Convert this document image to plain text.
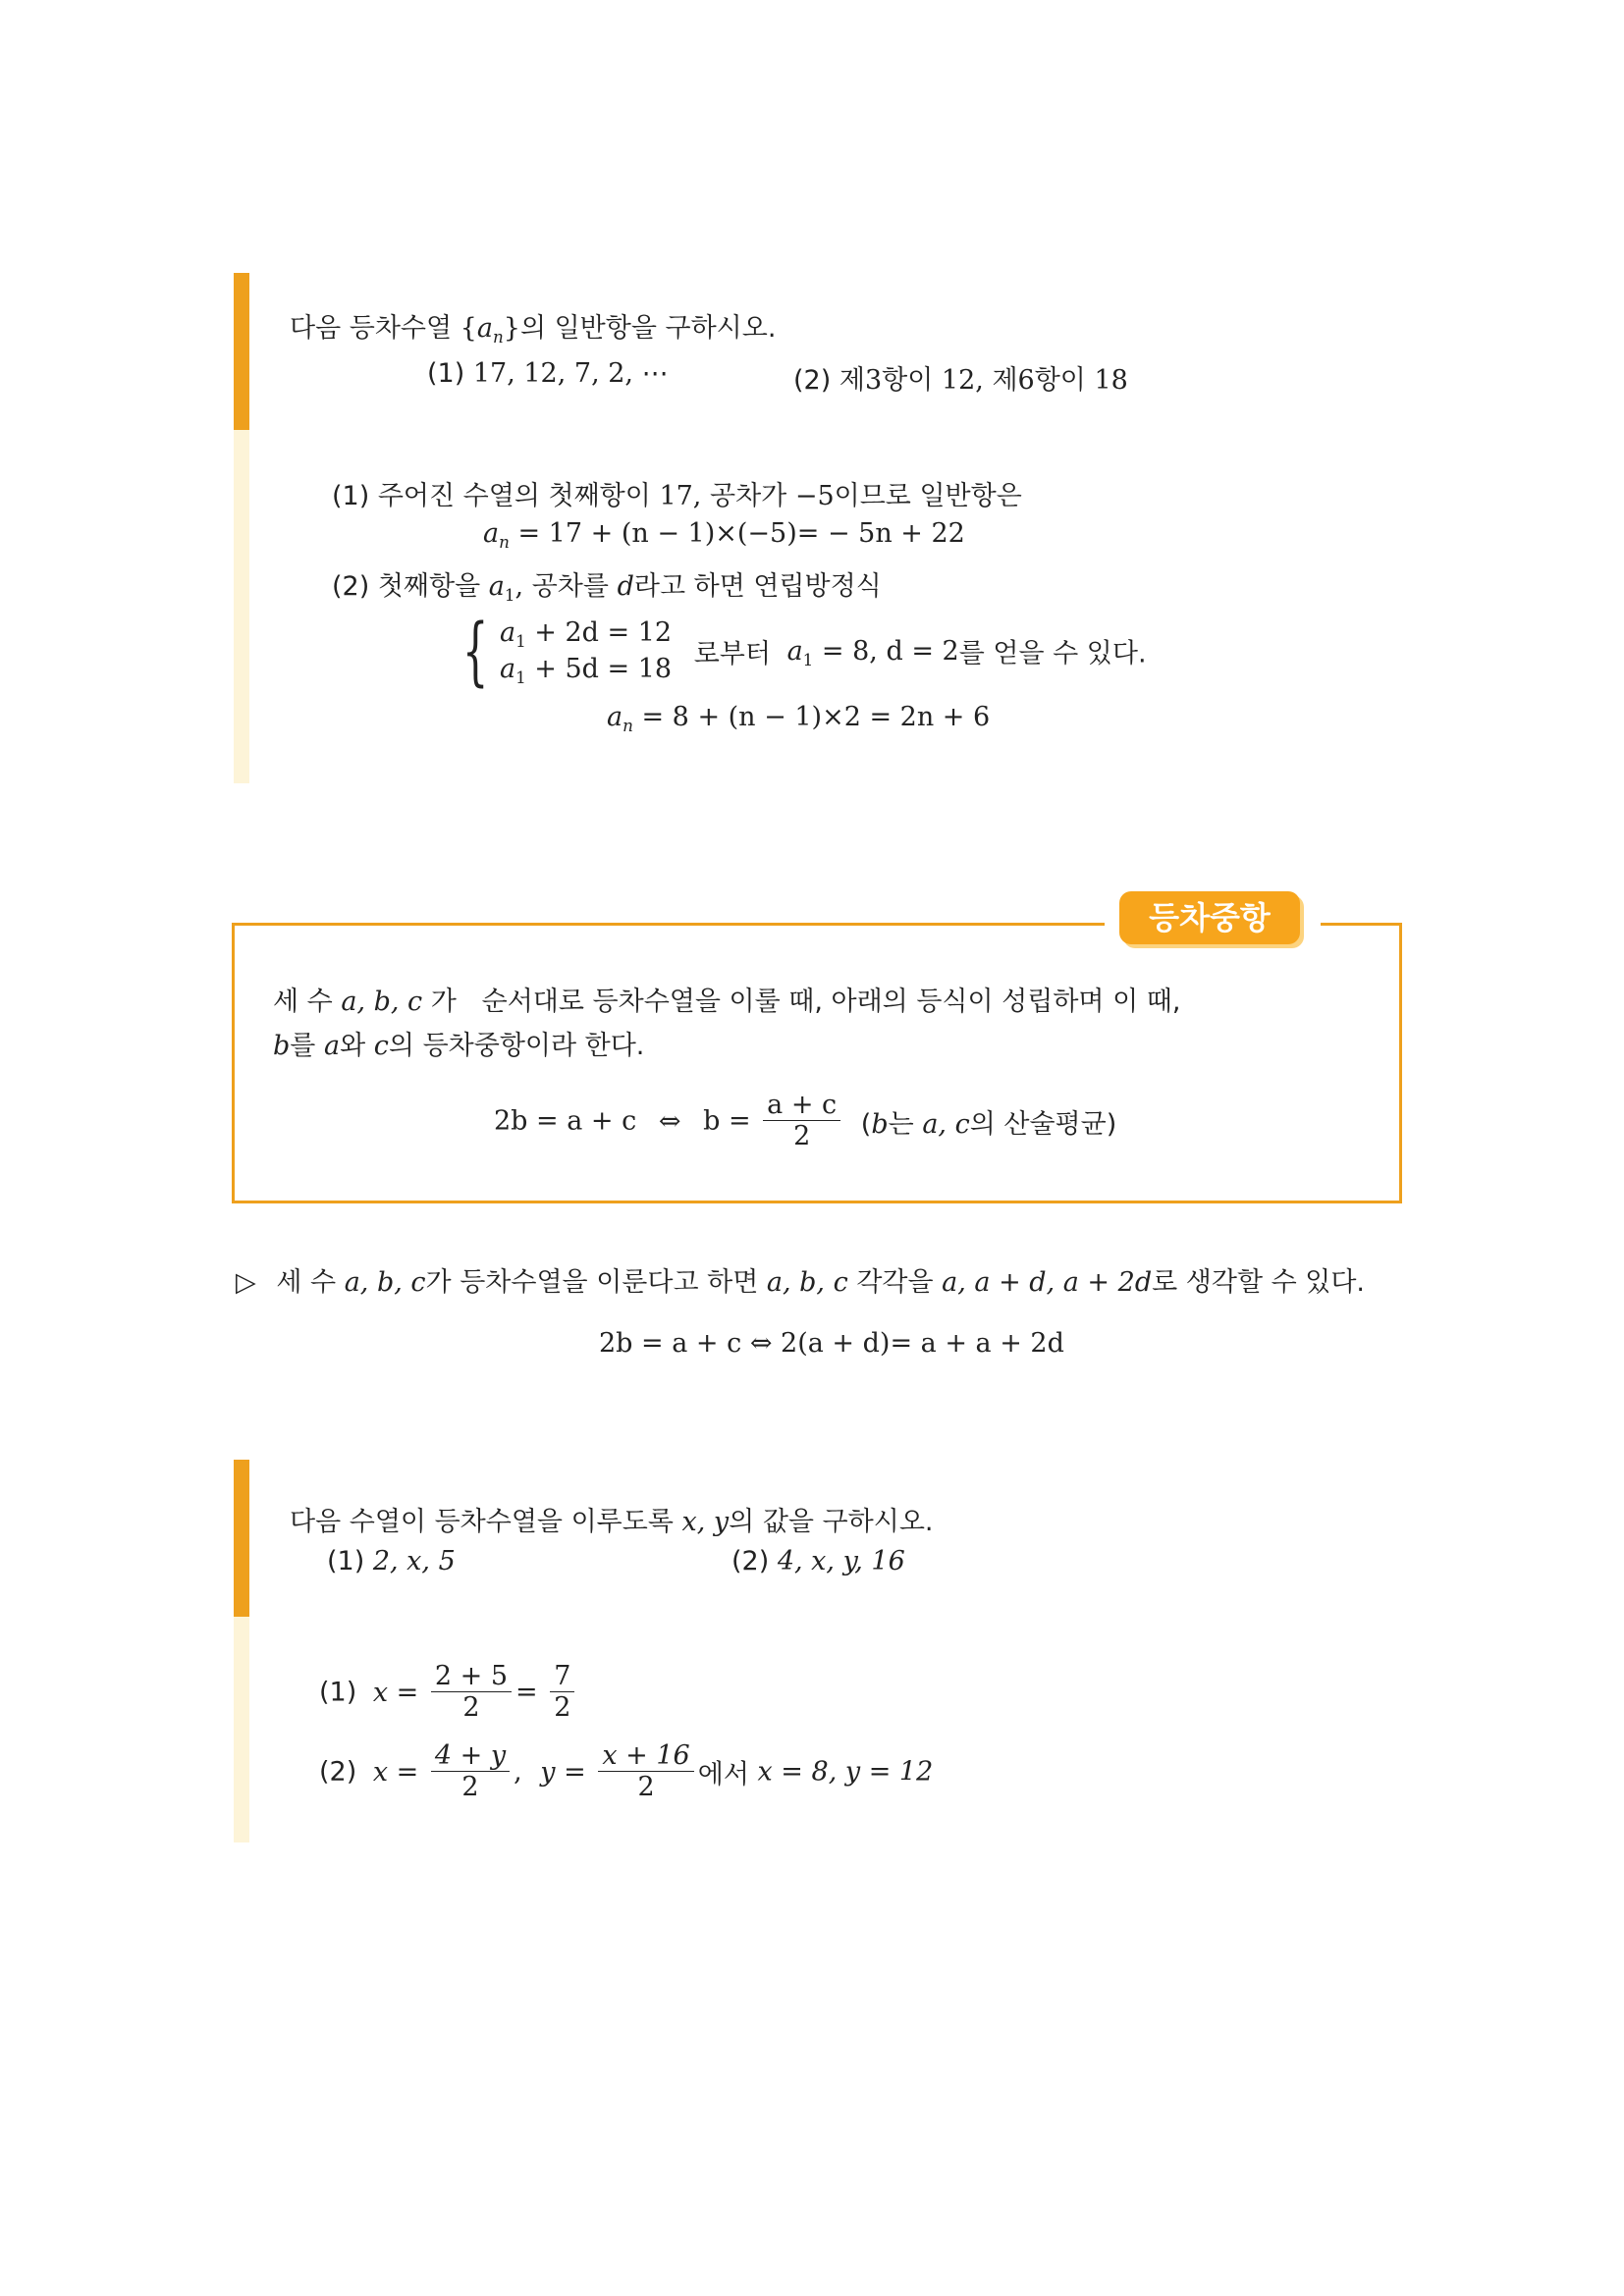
다음 등차수열 $\{a_n\}$의 일반항을 구하시오.
(1) 17, 12, 7, 2, ⋯	(2) 제3항이 12, 제6항이 18
(1) 주어진 수열의 첫째항이 17, 공차가 −5이므로 일반항은
$a_n = 17 + (n - 1)\times(-5)= - 5n + 22$
(2) 첫째항을 $a_1$, 공차를 d라고 하면 연립방정식
{ $a_1 + 2d = 12$
$a_1 + 5d = 18$ 로부터 $a_1 = 8$, d = 2를 얻을 수 있다.
$a_n = 8 + (n - 1)\times 2 = 2n + 6$
등차중항
세 수 a, b, c 가 순서대로 등차수열을 이룰 때, 아래의 등식이 성립하며 이 때,
b를 a와 c의 등차중항이라 한다.
2b = a + c ⇔ $b = \frac{a + c}{2} (b$는 a, c의 산술평균)
▷ 세 수 a, b, c가 등차수열을 이룬다고 하면 a, b, c 각각을 a, a + d, a + 2d로 생각할 수 있다.
2b = a + c ⇔ 2(a + d)= a + a + 2d
다음 수열이 등차수열을 이루도록 x, y의 값을 구하시오.
(1) 2, x, 5	(2) 4, x, y, 16
(1) $x = \frac{2 + 5}{2} = \frac{7}{2}$
(2) $x = \frac{4 + y}{2}$ , $y = \frac{x + 16}{2}$ 에서 x = 8, y = 12
